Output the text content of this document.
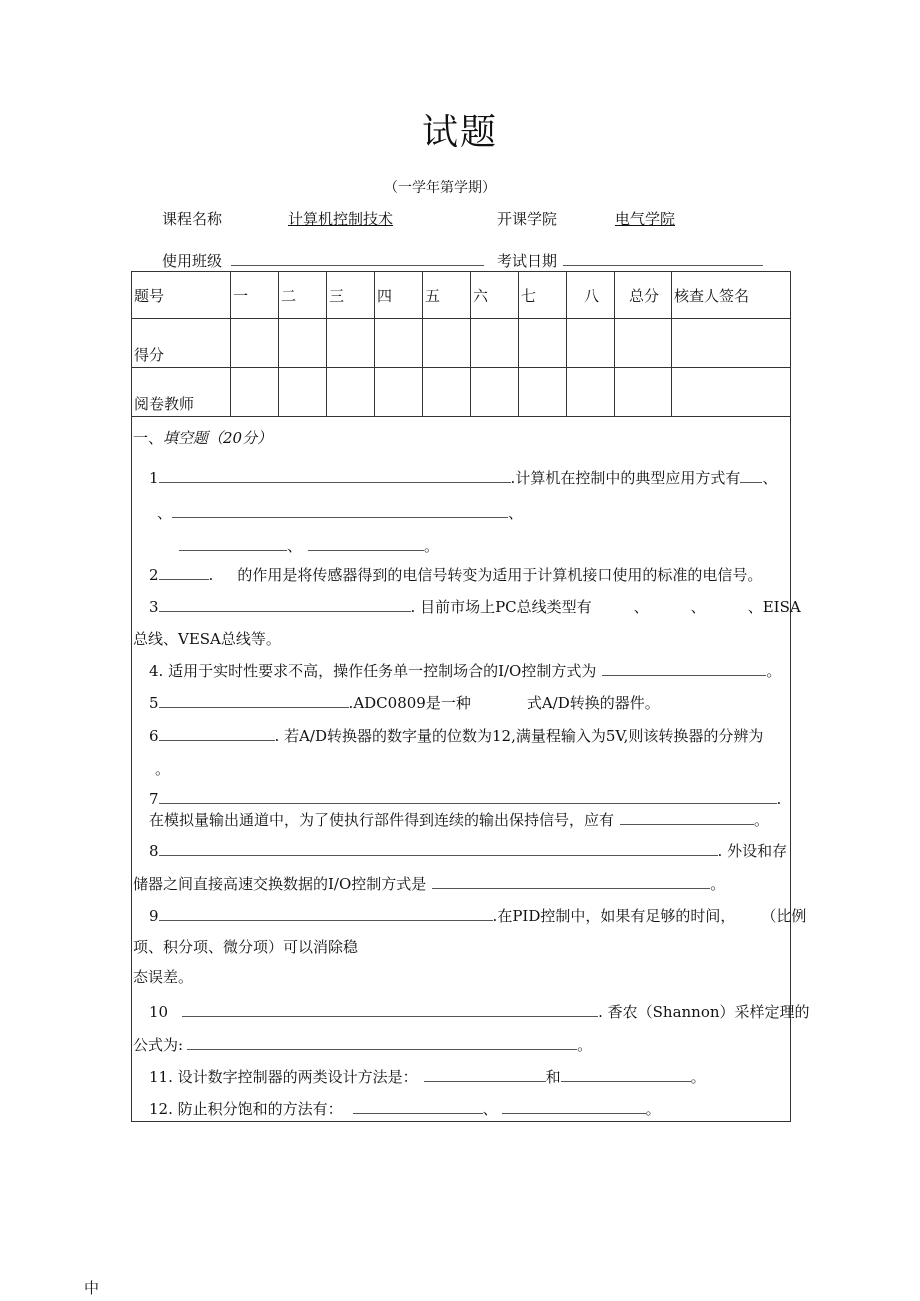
试题
（一学年第学期）
课程名称	计算机控制技术	开课学院	电气学院
使用班级	考试日期
题号	一	二	三	四	五	六	七	八	总分	核查人签名
得分										
阅卷教师										
一、填空题（20分）
1	.计算机在控制中的典型应用方式有 、
、	、
、	。
2	. 的作用是将传感器得到的电信号转变为适用于计算机接口使用的标准的电信号。
3	. 目前市场上PC总线类型有	、	、	、EISA
总线、VESA总线等。
4. 适用于实时性要求不高，操作任务单一控制场合的I/O控制方式为	。
5	.ADC0809是一种	式A/D转换的器件。
6	. 若A/D转换器的数字量的位数为12,满量程输入为5V,则该转换器的分辨为
。
7	.
在模拟量输出通道中，为了使执行部件得到连续的输出保持信号，应有	。
8	. 外设和存
储器之间直接高速交换数据的I/O控制方式是	。
9	.在PID控制中，如果有足够的时间， （比例
项、积分项、微分项）可以消除稳
态误差。
10	. 香农（Shannon）采样定理的
公式为:	。
11. 设计数字控制器的两类设计方法是：	和	。
12. 防止积分饱和的方法有：	、	。
中
